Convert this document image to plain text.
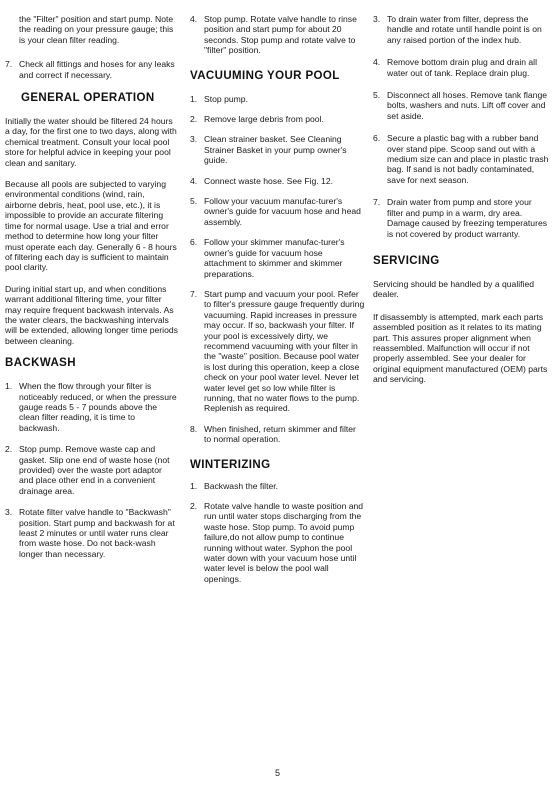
the "Filter" position and start pump. Note the reading on your pressure gauge; this is your clean filter reading.
7. Check all fittings and hoses for any leaks and correct if necessary.
GENERAL OPERATION

Initially the water should be filtered 24 hours a day, for the first one to two days, along with chemical treatment. Consult your local pool store for helpful advice in keeping your pool clean and sanitary.

Because all pools are subjected to varying environmental conditions (wind, rain, airborne debris, heat, pool use, etc.), it is impossible to provide an accurate filtering time for normal usage. Use a trial and error method to determine how long your filter must operate each day. Generally 6 - 8 hours of filtering each day is sufficient to maintain pool clarity.

During initial start up, and when conditions warrant additional filtering time, your filter may require frequent backwash intervals. As the water clears, the backwashing intervals will be extended, allowing longer time periods between cleaning.

BACKWASH
1. When the flow through your filter is noticeably reduced, or when the pressure gauge reads 5 - 7 pounds above the clean filter reading, it is time to backwash.
2. Stop pump. Remove waste cap and gasket. Slip one end of waste hose (not provided) over the waste port adaptor and place other end in a convenient drainage area.
3. Rotate filter valve handle to "Backwash" position. Start pump and backwash for at least 2 minutes or until water runs clear from waste hose. Do not back-wash longer than necessary.
4. Stop pump. Rotate valve handle to rinse position and start pump for about 20 seconds. Stop pump and rotate valve to "filter" position.
VACUUMING YOUR POOL
1. Stop pump.
2. Remove large debris from pool.
3. Clean strainer basket. See Cleaning Strainer Basket in your pump owner's guide.
4. Connect waste hose. See Fig. 12.
5. Follow your vacuum manufac-turer's owner's guide for vacuum hose and head assembly.
6. Follow your skimmer manufac-turer's owner's guide for vacuum hose attachment to skimmer and skimmer preparations.
7. Start pump and vacuum your pool. Refer to filter's pressure gauge frequently during vacuuming. Rapid increases in pressure may occur. If so, backwash your filter. If your pool is excessively dirty, we recommend vacuuming with your filter in the "waste" position. Because pool water is lost during this operation, keep a close check on your pool water level. Never let water level get so low while filter is running, that no water flows to the pump. Replenish as required.
8. When finished, return skimmer and filter to normal operation.
WINTERIZING
1. Backwash the filter.
2. Rotate valve handle to waste position and run until water stops discharging from the waste hose. Stop pump. To avoid pump failure,do not allow pump to continue running without water. Syphon the pool water down with your vacuum hose until water level is below the pool wall openings.
3. To drain water from filter, depress the handle and rotate until handle point is on any raised portion of the index hub.
4. Remove bottom drain plug and drain all water out of tank. Replace drain plug.
5. Disconnect all hoses. Remove tank flange bolts, washers and nuts. Lift off cover and set aside.
6. Secure a plastic bag with a rubber band over stand pipe. Scoop sand out with a medium size can and place in plastic trash bag. If sand is not badly contaminated, save for next season.
7. Drain water from pump and store your filter and pump in a warm, dry area. Damage caused by freezing temperatures is not covered by product warranty.
SERVICING

Servicing should be handled by a qualified dealer.

If disassembly is attempted, mark each parts assembled position as it relates to its mating part. This assures proper alignment when reassembled. Malfunction will occur if not properly assembled. See your dealer for original equipment manufactured (OEM) parts and servicing.

5
